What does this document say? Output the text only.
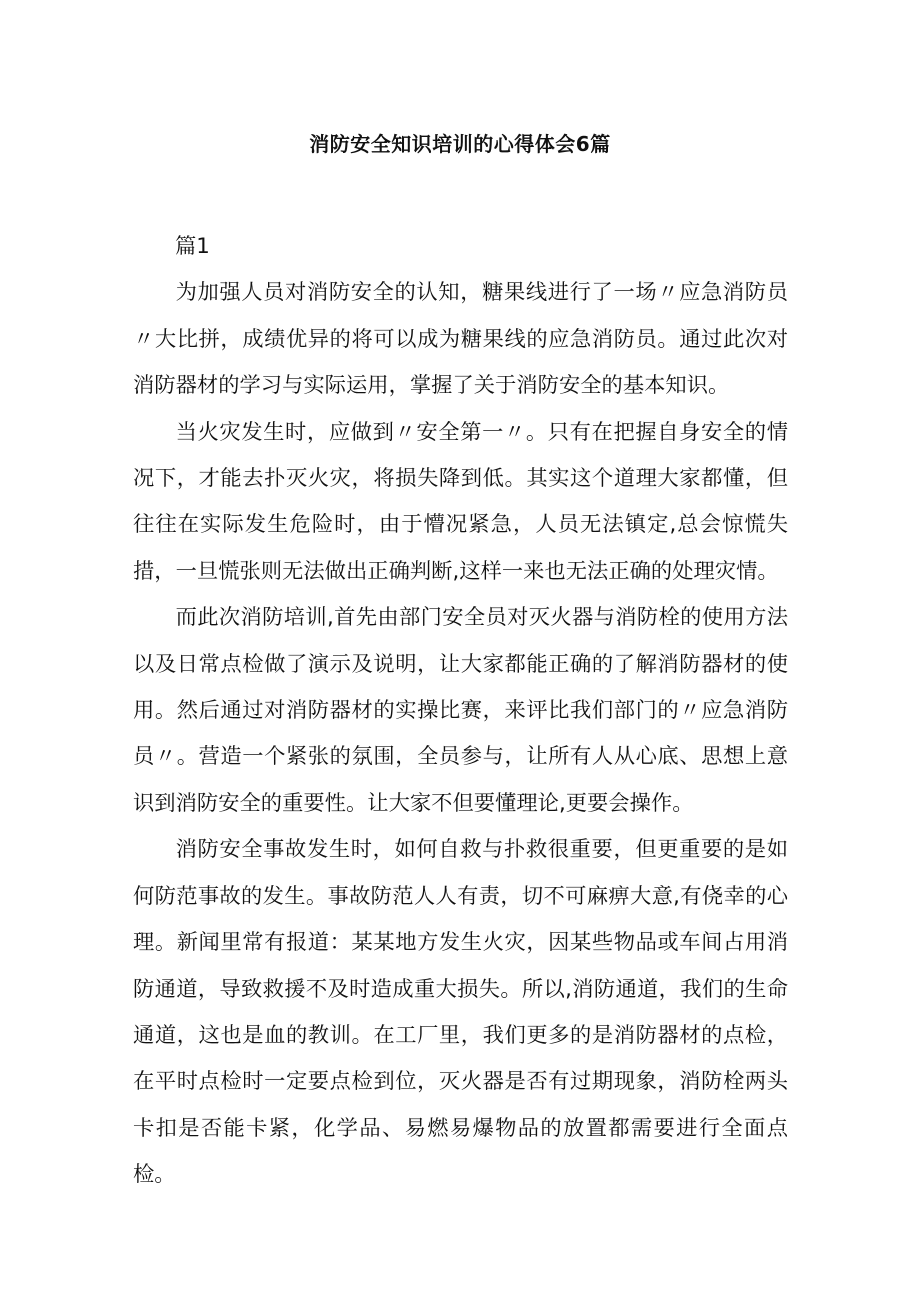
消防安全知识培训的心得体会6篇

篇1

为加强人员对消防安全的认知，糖果线进行了一场〃应急消防员〃大比拼，成绩优异的将可以成为糖果线的应急消防员。通过此次对消防器材的学习与实际运用，掌握了关于消防安全的基本知识。

当火灾发生时，应做到〃安全第一〃。只有在把握自身安全的情况下，才能去扑灭火灾，将损失降到低。其实这个道理大家都懂，但往往在实际发生危险时，由于懵况紧急，人员无法镇定,总会惊慌失措，一旦慌张则无法做出正确判断,这样一来也无法正确的处理灾情。

而此次消防培训,首先由部门安全员对灭火器与消防栓的使用方法以及日常点检做了演示及说明，让大家都能正确的了解消防器材的使用。然后通过对消防器材的实操比赛，来评比我们部门的〃应急消防员〃。营造一个紧张的氛围，全员参与，让所有人从心底、思想上意识到消防安全的重要性。让大家不但要懂理论,更要会操作。

消防安全事故发生时，如何自救与扑救很重要，但更重要的是如何防范事故的发生。事故防范人人有责，切不可麻痹大意,有侥幸的心理。新闻里常有报道：某某地方发生火灾，因某些物品或车间占用消防通道，导致救援不及时造成重大损失。所以,消防通道，我们的生命通道，这也是血的教训。在工厂里，我们更多的是消防器材的点检，在平时点检时一定要点检到位，灭火器是否有过期现象，消防栓两头卡扣是否能卡紧，化学品、易燃易爆物品的放置都需要进行全面点检。
